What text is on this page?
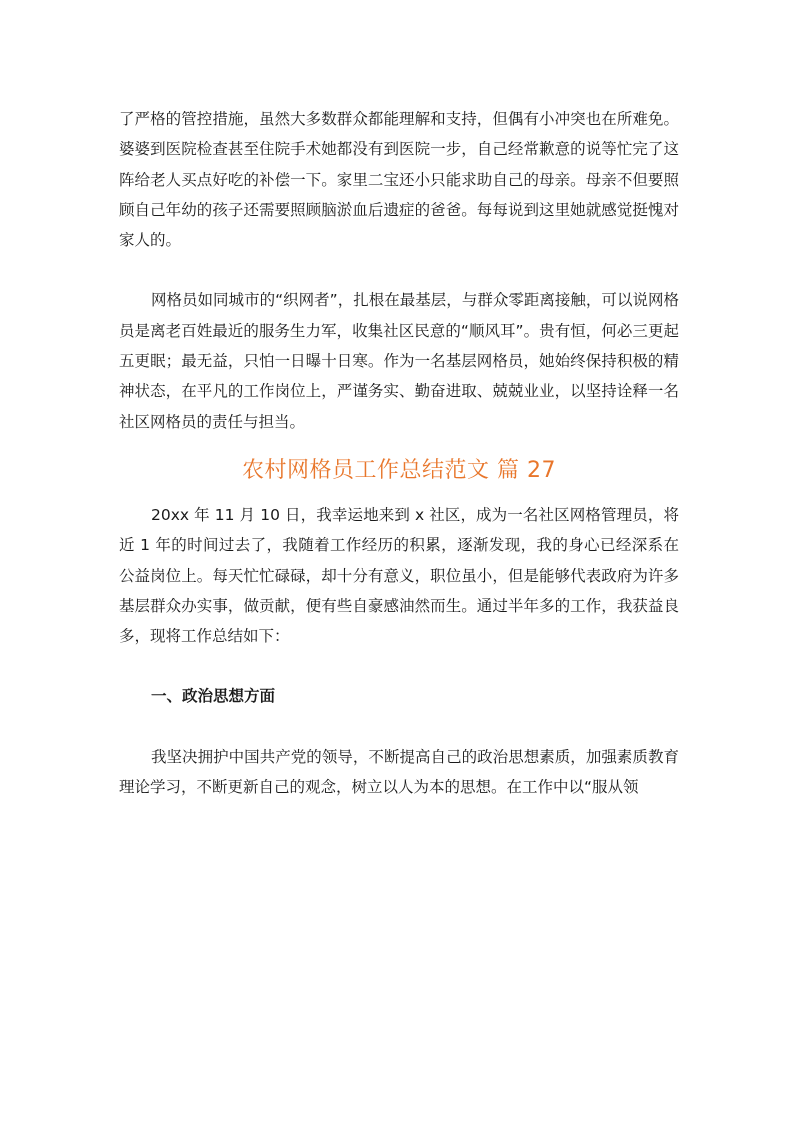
了严格的管控措施，虽然大多数群众都能理解和支持，但偶有小冲突也在所难免。婆婆到医院检查甚至住院手术她都没有到医院一步，自己经常歉意的说等忙完了这阵给老人买点好吃的补偿一下。家里二宝还小只能求助自己的母亲。母亲不但要照顾自己年幼的孩子还需要照顾脑淤血后遗症的爸爸。每每说到这里她就感觉挺愧对家人的。

网格员如同城市的“织网者”，扎根在最基层，与群众零距离接触，可以说网格员是离老百姓最近的服务生力军，收集社区民意的“顺风耳”。贵有恒，何必三更起五更眠；最无益，只怕一日曝十日寒。作为一名基层网格员，她始终保持积极的精神状态，在平凡的工作岗位上，严谨务实、勤奋进取、兢兢业业，以坚持诠释一名社区网格员的责任与担当。

农村网格员工作总结范文 篇 27

20xx 年 11 月 10 日，我幸运地来到 x 社区，成为一名社区网格管理员，将近 1 年的时间过去了，我随着工作经历的积累，逐渐发现，我的身心已经深系在公益岗位上。每天忙忙碌碌，却十分有意义，职位虽小，但是能够代表政府为许多基层群众办实事，做贡献，便有些自豪感油然而生。通过半年多的工作，我获益良多，现将工作总结如下：

一、政治思想方面

我坚决拥护中国共产党的领导，不断提高自己的政治思想素质，加强素质教育理论学习，不断更新自己的观念，树立以人为本的思想。在工作中以“服从领
